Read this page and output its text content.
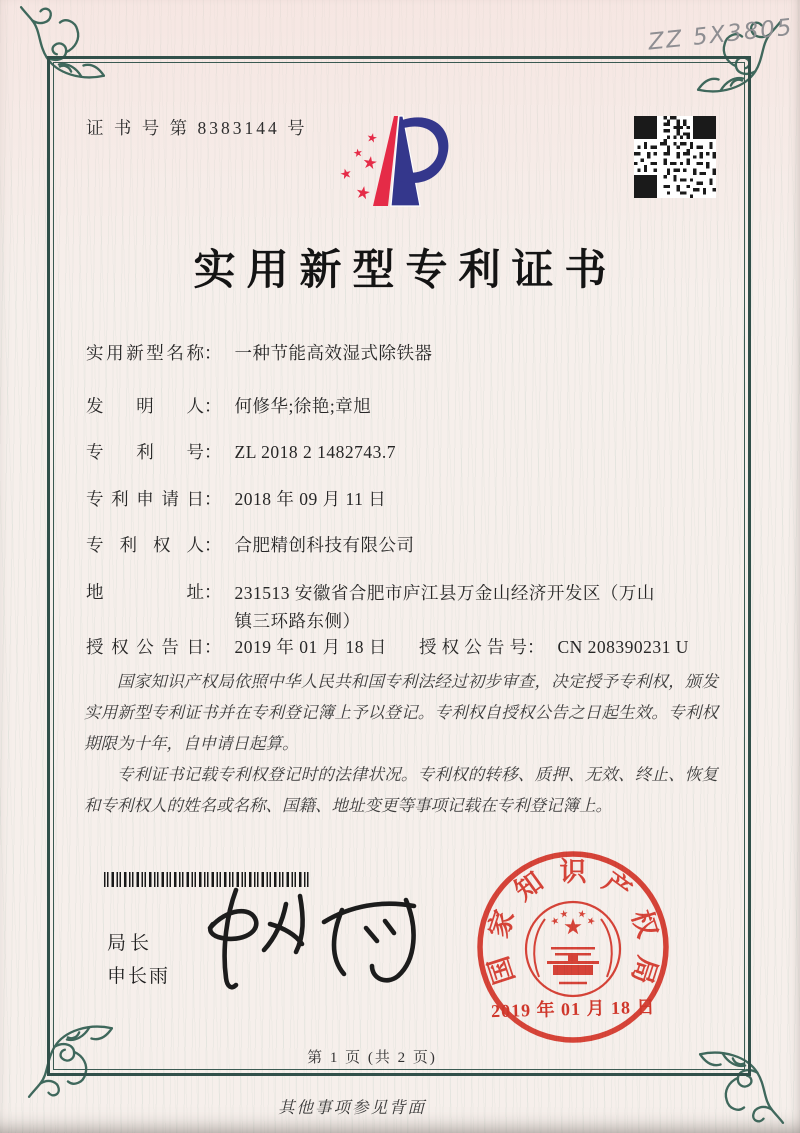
ZZ 5X3805
证 书 号 第 8383144 号
实用新型专利证书
实用新型名称： 一种节能高效湿式除铁器
发明人： 何修华;徐艳;章旭
专利号： ZL 2018 2 1482743.7
专利申请日： 2018 年 09 月 11 日
专利权人： 合肥精创科技有限公司
地址： 231513 安徽省合肥市庐江县万金山经济开发区（万山镇三环路东侧）
授权公告日： 2019 年 01 月 18 日 授权公告号： CN 208390231 U

国家知识产权局依照中华人民共和国专利法经过初步审查，决定授予专利权，颁发实用新型专利证书并在专利登记簿上予以登记。专利权自授权公告之日起生效。专利权期限为十年，自申请日起算。

专利证书记载专利权登记时的法律状况。专利权的转移、质押、无效、终止、恢复和专利权人的姓名或名称、国籍、地址变更等事项记载在专利登记簿上。

局长
申长雨	国
家
知 识 产
权
局
2019 年 01 月 18 日
第 1 页 (共 2 页)
其他事项参见背面
